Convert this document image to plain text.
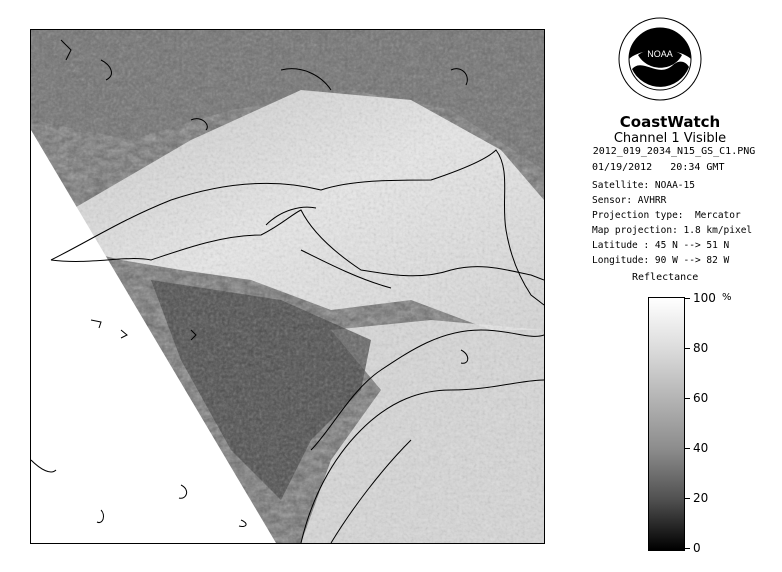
NOAA
CoastWatch
Channel 1 Visible
2012_019_2034_N15_GS_C1.PNG
01/19/2012 20:34 GMT
Satellite: NOAA-15
Sensor: AVHRR
Projection type:  Mercator
Map projection: 1.8 km/pixel
Latitude : 45 N --> 51 N
Longitude: 90 W --> 82 W
Reflectance
%
100
80
60
40
20
0
